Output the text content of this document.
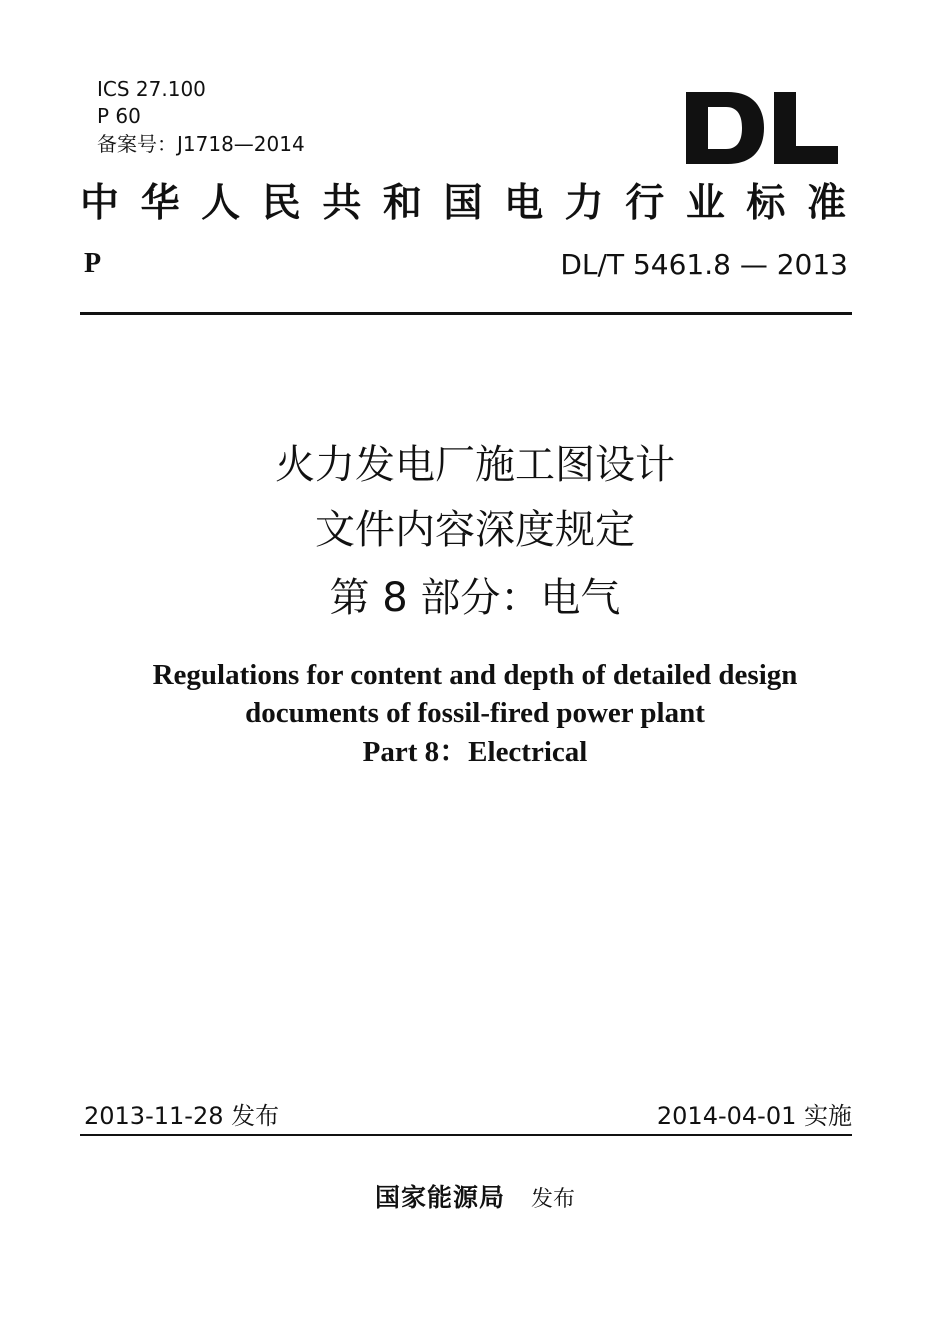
ICS 27.100
P 60
备案号：J1718—2014
中华人民共和国电力行业标准
P	DL/T 5461.8 — 2013
火力发电厂施工图设计
文件内容深度规定
第 8 部分：电气
Regulations for content and depth of detailed design
documents of fossil-fired power plant
Part 8：Electrical
2013-11-28 发布	2014-04-01 实施
国家能源局 发布
